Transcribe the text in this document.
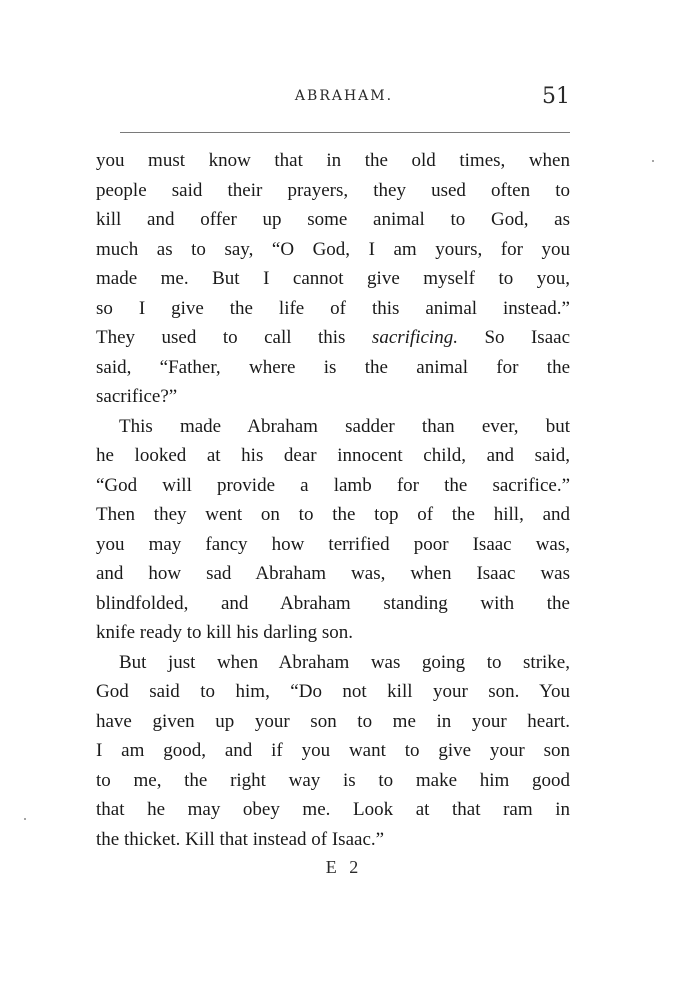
ABRAHAM.	51
you must know that in the old times, when
people said their prayers, they used often to
kill and offer up some animal to God, as
much as to say, “O God, I am yours, for you
made me. But I cannot give myself to you,
so I give the life of this animal instead.”
They used to call this sacrificing. So Isaac
said, “Father, where is the animal for the
sacrifice?”
This made Abraham sadder than ever, but
he looked at his dear innocent child, and said,
“God will provide a lamb for the sacrifice.”
Then they went on to the top of the hill, and
you may fancy how terrified poor Isaac was,
and how sad Abraham was, when Isaac was
blindfolded, and Abraham standing with the
knife ready to kill his darling son.
But just when Abraham was going to strike,
God said to him, “Do not kill your son. You
have given up your son to me in your heart.
I am good, and if you want to give your son
to me, the right way is to make him good
that he may obey me. Look at that ram in
the thicket. Kill that instead of Isaac.”
E 2
